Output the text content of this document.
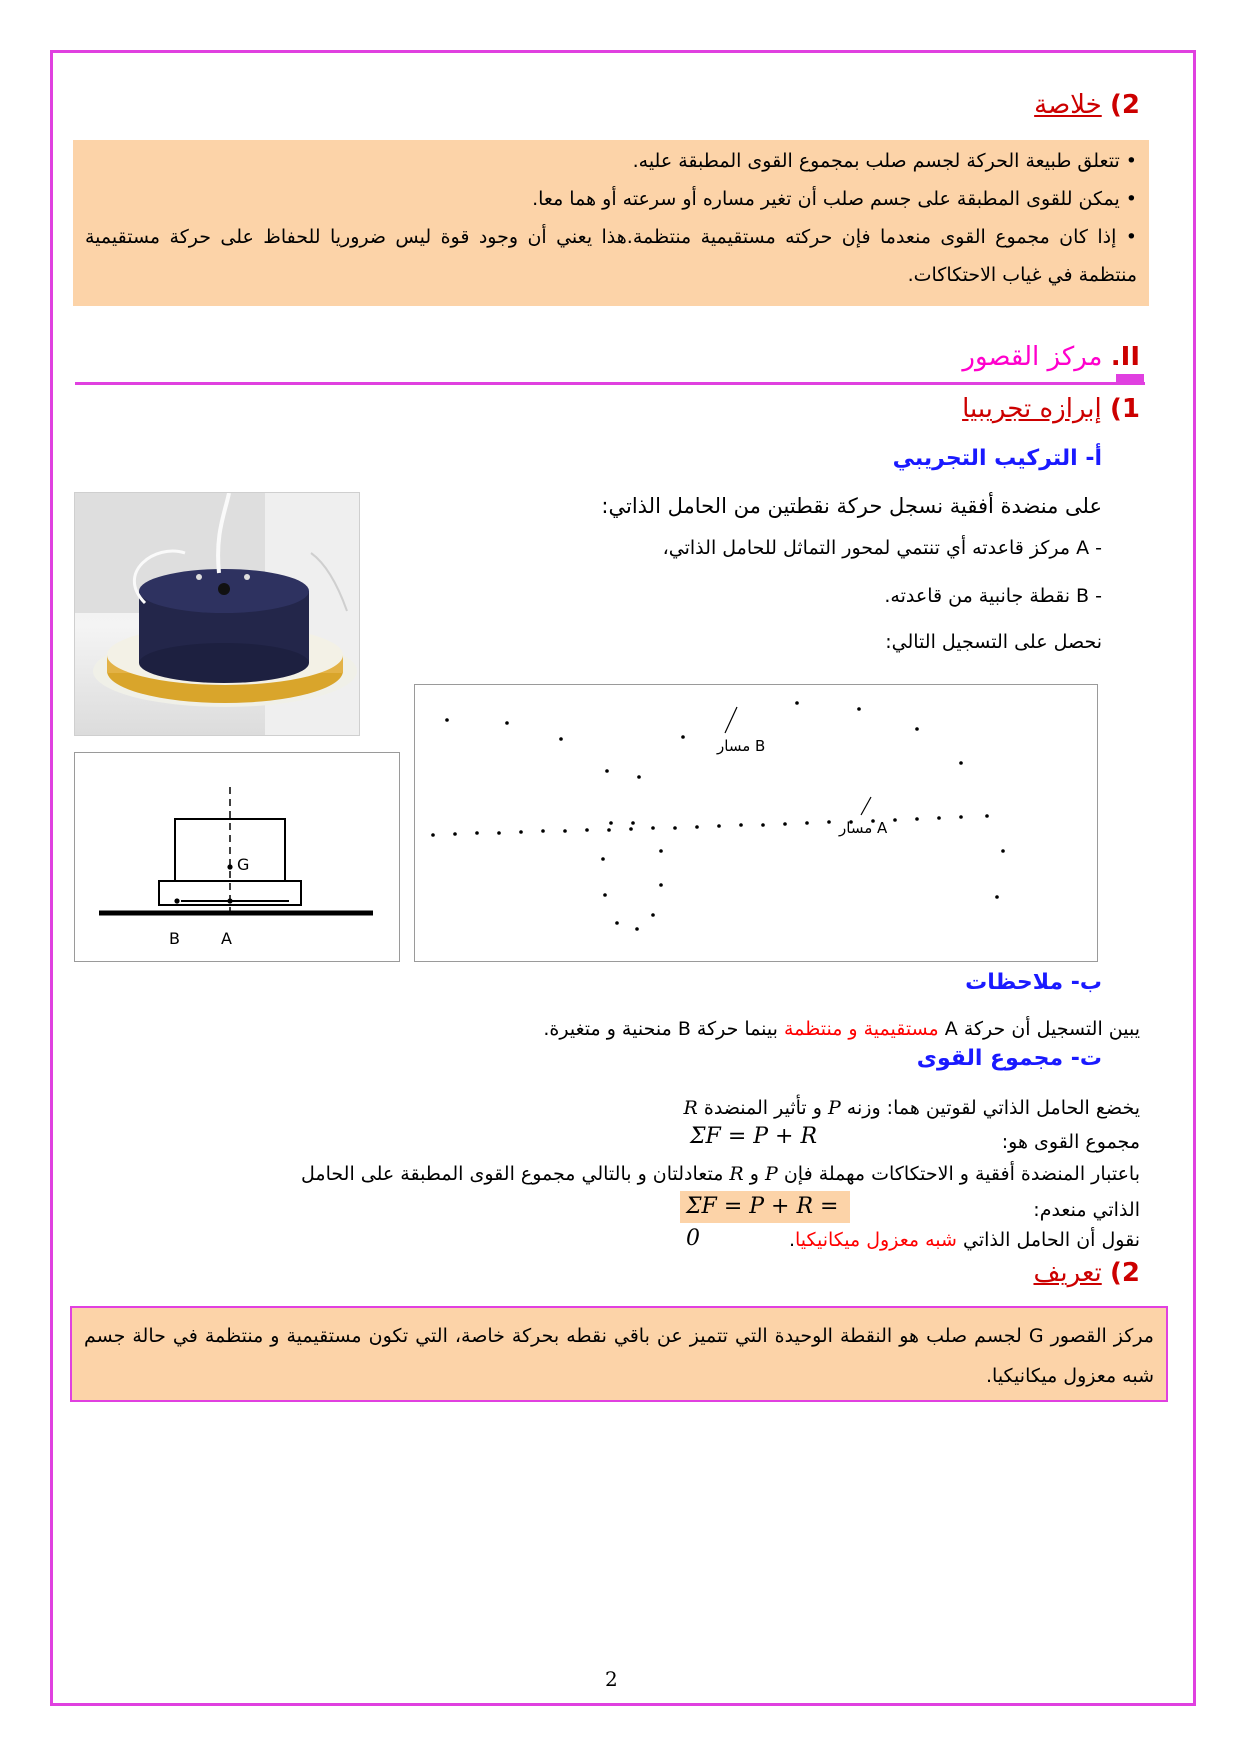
2) خلاصة

• تتعلق طبيعة الحركة لجسم صلب بمجموع القوى المطبقة عليه.

• يمكن للقوى المطبقة على جسم صلب أن تغير مساره أو سرعته أو هما معا.

• إذا كان مجموع القوى منعدما فإن حركته مستقيمية منتظمة.هذا يعني أن وجود قوة ليس ضروريا للحفاظ على حركة مستقيمية منتظمة في غياب الاحتكاكات.

II. مركز القصور
1) إبرازه تجريبيا
أ- التركيب التجريبي
على منضدة أفقية نسجل حركة نقطتين من الحامل الذاتي:
- A مركز قاعدته أي تنتمي لمحور التماثل للحامل الذاتي،
- B نقطة جانبية من قاعدته.
نحصل على التسجيل التالي:
G
A
B
مسار B
مسار A
ب- ملاحظات
يبين التسجيل أن حركة A مستقيمية و منتظمة بينما حركة B منحنية و متغيرة.
ت- مجموع القوى
يخضع الحامل الذاتي لقوتين هما: وزنه P و تأثير المنضدة R
مجموع القوى هو:
ΣF = P + R
باعتبار المنضدة أفقية و الاحتكاكات مهملة فإن P و R متعادلتان و بالتالي مجموع القوى المطبقة على الحامل
الذاتي منعدم:
ΣF = P + R = 0	نقول أن الحامل الذاتي شبه معزول ميكانيكيا.
2) تعريف

مركز القصور G لجسم صلب هو النقطة الوحيدة التي تتميز عن باقي نقطه بحركة خاصة، التي تكون مستقيمية و منتظمة في حالة جسم شبه معزول ميكانيكيا.

2
